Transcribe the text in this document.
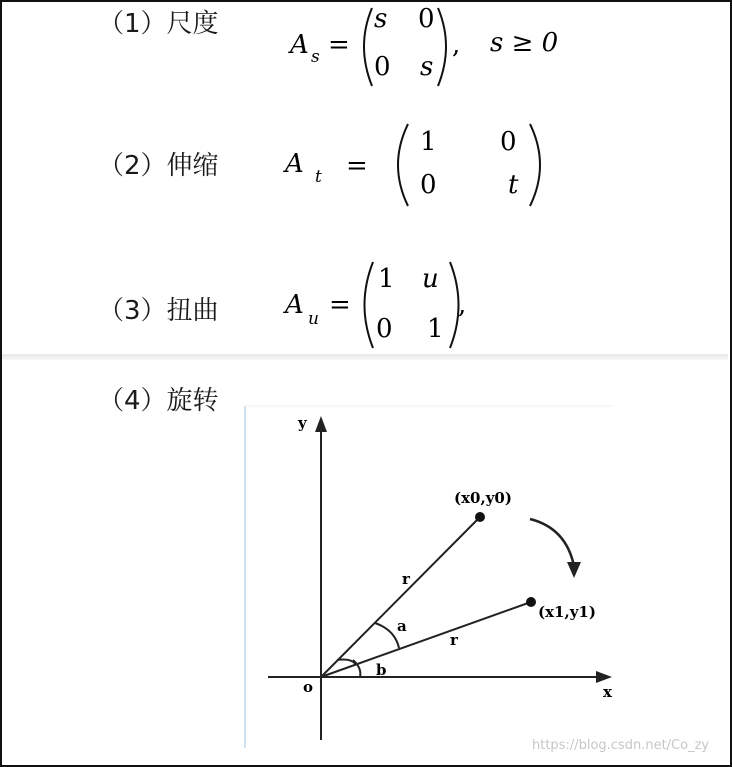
（1）尺度
（2）伸缩
（3）扭曲
（4）旋转
A s =
s 0
0 s
, s ≥ 0
A t =
1 0
0	t
A u =
1 u
0 1
,
y
x
o
(x0,y0)
(x1,y1)
r
r
a
b
https://blog.csdn.net/Co_zy
